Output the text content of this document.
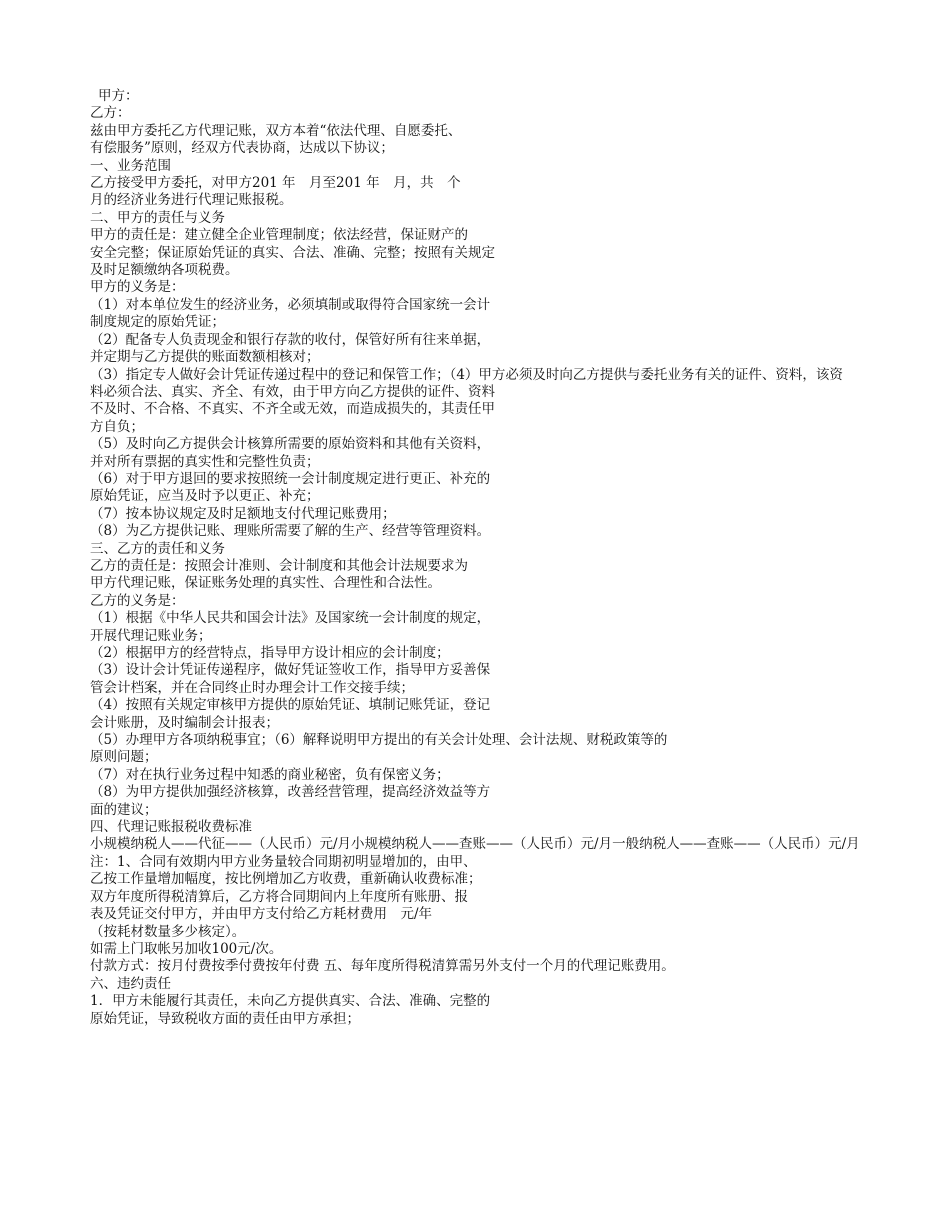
甲方：
乙方：
兹由甲方委托乙方代理记账，双方本着“依法代理、自愿委托、
有偿服务”原则，经双方代表协商，达成以下协议；
一、业务范围
乙方接受甲方委托，对甲方201 年　月至201 年　月，共　个
月的经济业务进行代理记账报税。
二、甲方的责任与义务
甲方的责任是：建立健全企业管理制度；依法经营，保证财产的
安全完整；保证原始凭证的真实、合法、准确、完整；按照有关规定
及时足额缴纳各项税费。
甲方的义务是：
（1）对本单位发生的经济业务，必须填制或取得符合国家统一会计
制度规定的原始凭证；
（2）配备专人负责现金和银行存款的收付，保管好所有往来单据，
并定期与乙方提供的账面数额相核对；
（3）指定专人做好会计凭证传递过程中的登记和保管工作；（4）甲方必须及时向乙方提供与委托业务有关的证件、资料，该资
料必须合法、真实、齐全、有效，由于甲方向乙方提供的证件、资料
不及时、不合格、不真实、不齐全或无效，而造成损失的，其责任甲
方自负；
（5）及时向乙方提供会计核算所需要的原始资料和其他有关资料，
并对所有票据的真实性和完整性负责；
（6）对于甲方退回的要求按照统一会计制度规定进行更正、补充的
原始凭证，应当及时予以更正、补充；
（7）按本协议规定及时足额地支付代理记账费用；
（8）为乙方提供记账、理账所需要了解的生产、经营等管理资料。
三、乙方的责任和义务
乙方的责任是：按照会计准则、会计制度和其他会计法规要求为
甲方代理记账，保证账务处理的真实性、合理性和合法性。
乙方的义务是：
（1）根据《中华人民共和国会计法》及国家统一会计制度的规定，
开展代理记账业务；
（2）根据甲方的经营特点，指导甲方设计相应的会计制度；
（3）设计会计凭证传递程序，做好凭证签收工作，指导甲方妥善保
管会计档案，并在合同终止时办理会计工作交接手续；
（4）按照有关规定审核甲方提供的原始凭证、填制记账凭证，登记
会计账册，及时编制会计报表；
（5）办理甲方各项纳税事宜；（6）解释说明甲方提出的有关会计处理、会计法规、财税政策等的
原则问题；
（7）对在执行业务过程中知悉的商业秘密，负有保密义务；
（8）为甲方提供加强经济核算，改善经营管理，提高经济效益等方
面的建议；
四、代理记账报税收费标准
小规模纳税人——代征——（人民币）元/月小规模纳税人——查账——（人民币）元/月一般纳税人——查账——（人民币）元/月
注：1、合同有效期内甲方业务量较合同期初明显增加的，由甲、
乙按工作量增加幅度，按比例增加乙方收费，重新确认收费标准；
双方年度所得税清算后，乙方将合同期间内上年度所有账册、报
表及凭证交付甲方，并由甲方支付给乙方耗材费用　元/年
（按耗材数量多少核定）。
如需上门取帐另加收100元/次。
付款方式：按月付费按季付费按年付费 五、每年度所得税清算需另外支付一个月的代理记账费用。
六、违约责任
1．甲方未能履行其责任，未向乙方提供真实、合法、准确、完整的
原始凭证，导致税收方面的责任由甲方承担；
